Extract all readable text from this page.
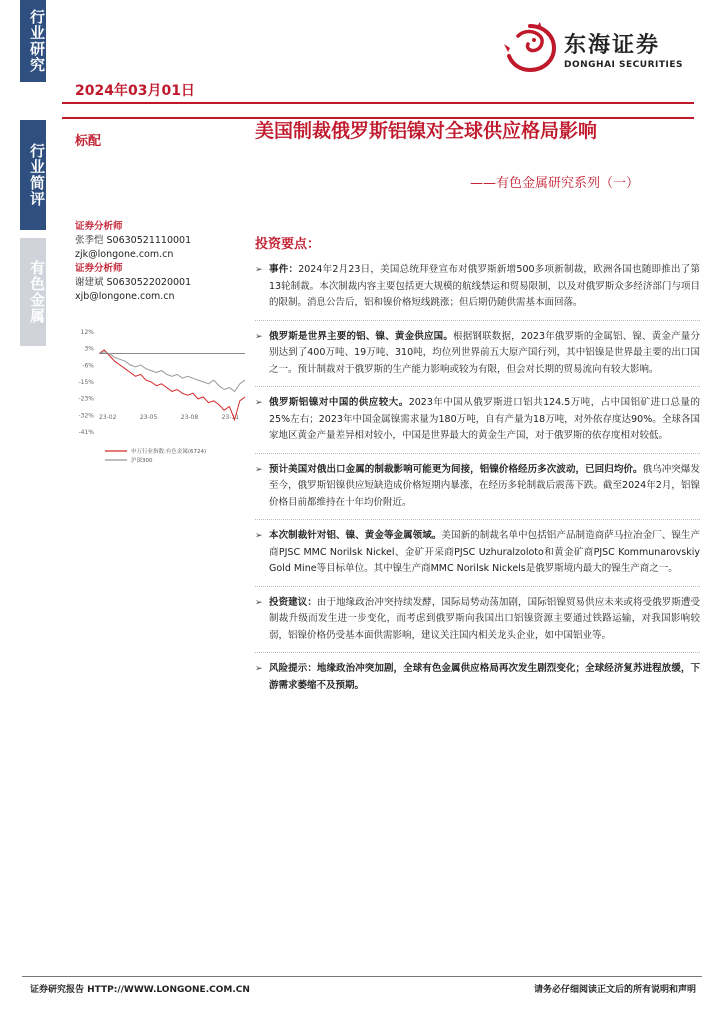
行业研究
行业简评
有色金属
2024年03月01日
东海证券
DONGHAI SECURITIES
标配	美国制裁俄罗斯铝镍对全球供应格局影响
——有色金属研究系列（一）
证券分析师
张季恺 S0630521110001
zjk@longone.com.cn
证券分析师
谢建斌 S0630522020001
xjb@longone.com.cn
12%
3%
-6%
-15%
-23%
-32%
-41%
23-02	23-05	23-08	23-11
申万行业指数:有色金属(6724)
沪深300
投资要点：
➢ 事件：2024年2月23日，美国总统拜登宣布对俄罗斯新增500多项新制裁，欧洲各国也随即推出了第13轮制裁。本次制裁内容主要包括更大规模的航线禁运和贸易限制，以及对俄罗斯众多经济部门与项目的限制。消息公告后，铝和镍价格短线跳涨；但后期仍随供需基本面回落。
➢ 俄罗斯是世界主要的铝、镍、黄金供应国。根据钢联数据，2023年俄罗斯的金属铝、镍、黄金产量分别达到了400万吨、19万吨、310吨，均位列世界前五大原产国行列，其中铝镍是世界最主要的出口国之一。预计制裁对于俄罗斯的生产能力影响或较为有限，但会对长期的贸易流向有较大影响。
➢ 俄罗斯铝镍对中国的供应较大。2023年中国从俄罗斯进口铝共124.5万吨，占中国铝矿进口总量的25%左右；2023年中国金属镍需求量为180万吨，自有产量为18万吨，对外依存度达90%。全球各国家地区黄金产量差异相对较小，中国是世界最大的黄金生产国，对于俄罗斯的依存度相对较低。
➢ 预计美国对俄出口金属的制裁影响可能更为间接，铝镍价格经历多次波动，已回归均价。俄乌冲突爆发至今，俄罗斯铝镍供应短缺造成价格短期内暴涨，在经历多轮制裁后震荡下跌。截至2024年2月，铝镍价格目前都维持在十年均价附近。
➢ 本次制裁针对铝、镍、黄金等金属领域。美国新的制裁名单中包括铝产品制造商萨马拉冶金厂、镍生产商PJSC MMC Norilsk Nickel、金矿开采商PJSC Uzhuralzoloto和黄金矿商PJSC Kommunarovskiy Gold Mine等目标单位。其中镍生产商MMC Norilsk Nickels是俄罗斯境内最大的镍生产商之一。
➢ 投资建议：由于地缘政治冲突持续发酵，国际局势动荡加剧，国际铝镍贸易供应未来或将受俄罗斯遭受制裁升级而发生进一步变化，而考虑到俄罗斯向我国出口铝镍资源主要通过铁路运输，对我国影响较弱，铝镍价格仍受基本面供需影响，建议关注国内相关龙头企业，如中国铝业等。
➢ 风险提示：地缘政治冲突加剧，全球有色金属供应格局再次发生剧烈变化；全球经济复苏进程放缓，下游需求萎缩不及预期。
证券研究报告 HTTP://WWW.LONGONE.COM.CN	请务必仔细阅读正文后的所有说明和声明
